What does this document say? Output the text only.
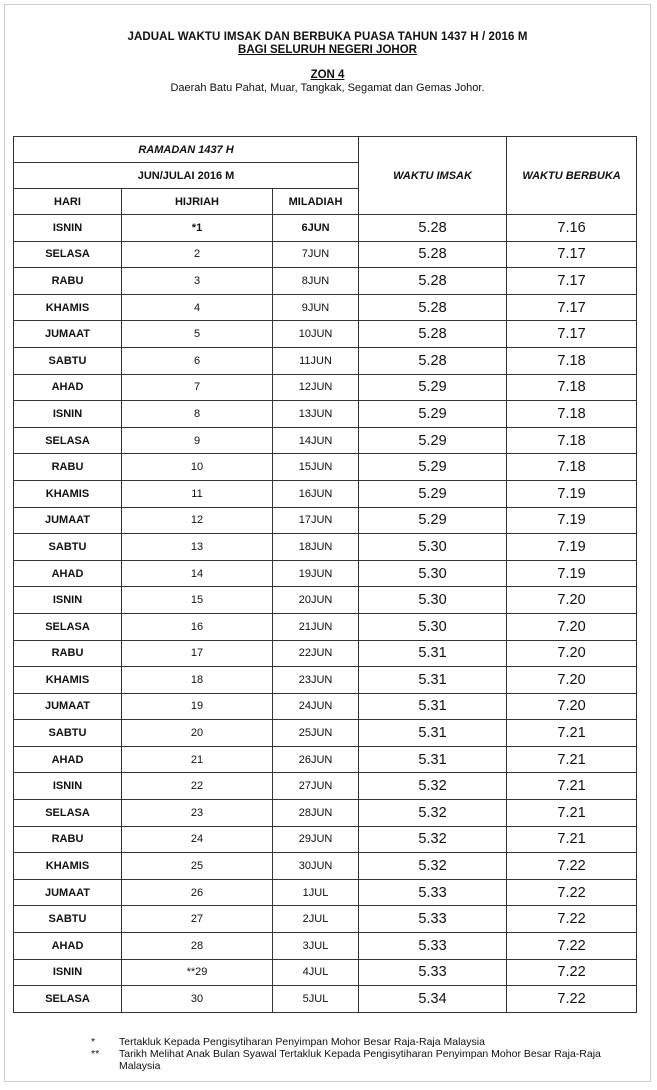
JADUAL WAKTU IMSAK DAN BERBUKA PUASA TAHUN 1437 H / 2016 M
BAGI SELURUH NEGERI JOHOR
ZON 4
Daerah Batu Pahat, Muar, Tangkak, Segamat dan Gemas Johor.
RAMADAN 1437 H			WAKTU IMSAK	WAKTU BERBUKA
JUN/JULAI 2016 M				
HARI	HIJRIAH	MILADIAH		
ISNIN	*1	6JUN	5.28	7.16
SELASA	2	7JUN	5.28	7.17
RABU	3	8JUN	5.28	7.17
KHAMIS	4	9JUN	5.28	7.17
JUMAAT	5	10JUN	5.28	7.17
SABTU	6	11JUN	5.28	7.18
AHAD	7	12JUN	5.29	7.18
ISNIN	8	13JUN	5.29	7.18
SELASA	9	14JUN	5.29	7.18
RABU	10	15JUN	5.29	7.18
KHAMIS	11	16JUN	5.29	7.19
JUMAAT	12	17JUN	5.29	7.19
SABTU	13	18JUN	5.30	7.19
AHAD	14	19JUN	5.30	7.19
ISNIN	15	20JUN	5.30	7.20
SELASA	16	21JUN	5.30	7.20
RABU	17	22JUN	5.31	7.20
KHAMIS	18	23JUN	5.31	7.20
JUMAAT	19	24JUN	5.31	7.20
SABTU	20	25JUN	5.31	7.21
AHAD	21	26JUN	5.31	7.21
ISNIN	22	27JUN	5.32	7.21
SELASA	23	28JUN	5.32	7.21
RABU	24	29JUN	5.32	7.21
KHAMIS	25	30JUN	5.32	7.22
JUMAAT	26	1JUL	5.33	7.22
SABTU	27	2JUL	5.33	7.22
AHAD	28	3JUL	5.33	7.22
ISNIN	**29	4JUL	5.33	7.22
SELASA	30	5JUL	5.34	7.22
*	Tertakluk Kepada Pengisytiharan Penyimpan Mohor Besar Raja-Raja Malaysia
**	Tarikh Melihat Anak Bulan Syawal Tertakluk Kepada Pengisytiharan Penyimpan Mohor Besar Raja-Raja Malaysia
